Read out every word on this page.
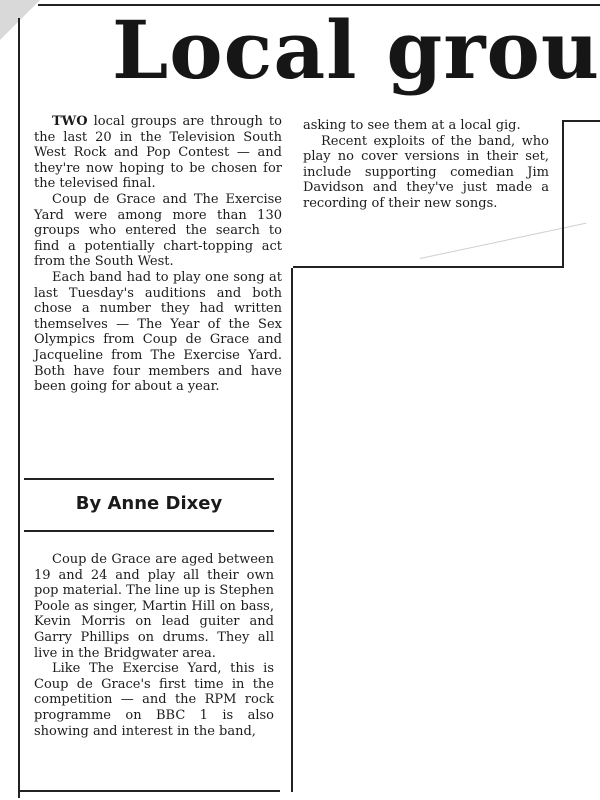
Local grou

TWO local groups are through to the last 20 in the Television South West Rock and Pop Contest — and they're now hoping to be chosen for the televised final.

Coup de Grace and The Exercise Yard were among more than 130 groups who entered the search to find a potentially chart-topping act from the South West.

Each band had to play one song at last Tuesday's auditions and both chose a number they had written themselves — The Year of the Sex Olympics from Coup de Grace and Jacqueline from The Exercise Yard. Both have four members and have been going for about a year.

By Anne Dixey

Coup de Grace are aged between 19 and 24 and play all their own pop material. The line up is Stephen Poole as singer, Martin Hill on bass, Kevin Morris on lead guiter and Garry Phillips on drums. They all live in the Bridgwater area.

Like The Exercise Yard, this is Coup de Grace's first time in the competition — and the RPM rock programme on BBC 1 is also showing and interest in the band,

asking to see them at a local gig.

Recent exploits of the band, who play no cover versions in their set, include supporting comedian Jim Davidson and they've just made a recording of their new songs.
